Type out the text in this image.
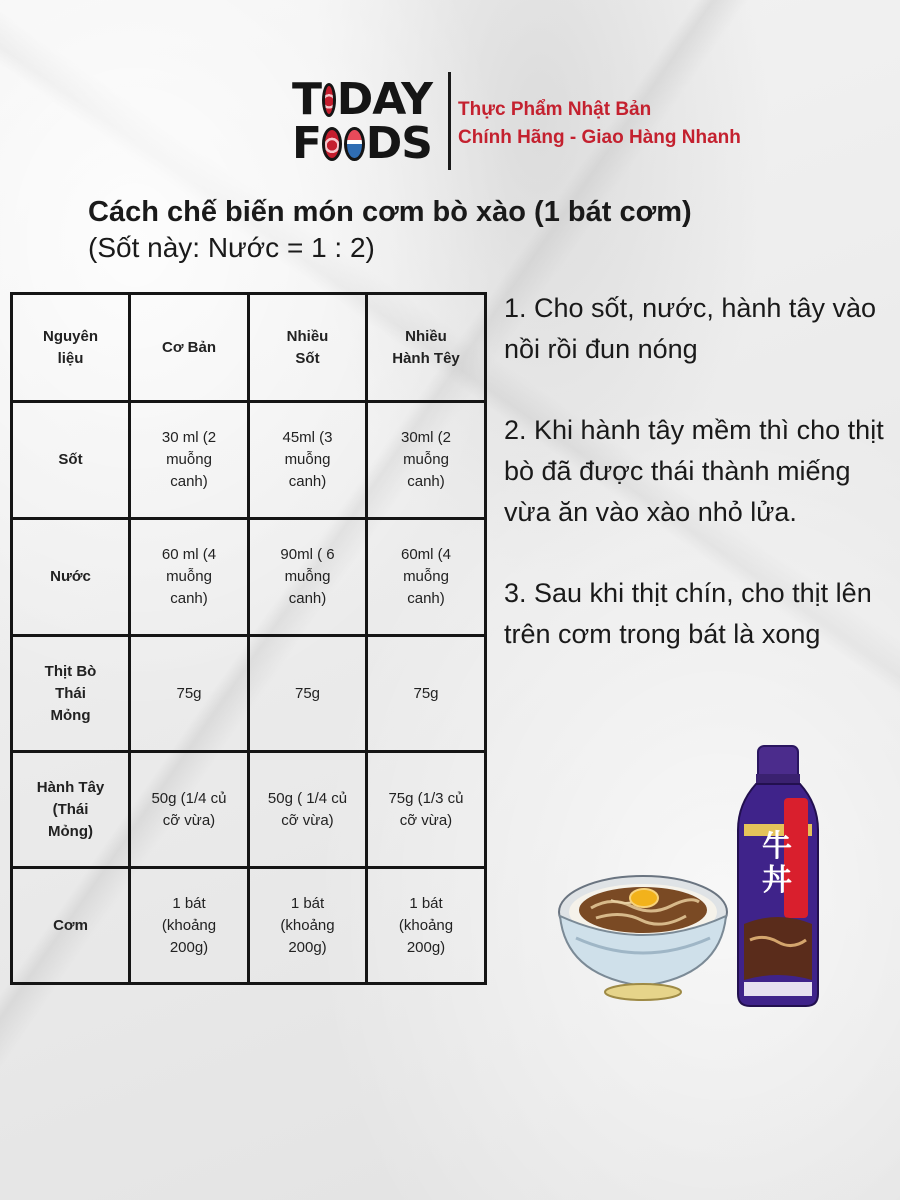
T DAY
F DS
Thực Phẩm Nhật Bản
Chính Hãng - Giao Hàng Nhanh
Cách chế biến món cơm bò xào (1 bát cơm)
(Sốt này: Nước = 1 : 2)
Nguyên liệu	Cơ Bản	Nhiều Sốt	Nhiều Hành Têy

Sốt	30 ml (2 muỗng canh)	45ml (3 muỗng canh)	30ml (2 muỗng canh)

Nước	60 ml (4 muỗng canh)	90ml ( 6 muỗng canh)	60ml (4 muỗng canh)

Thịt Bò Thái Mỏng	75g	75g	75g

Hành Tây (Thái Mỏng)	50g (1/4 củ cỡ vừa)	50g ( 1/4 củ cỡ vừa)	75g (1/3 củ cỡ vừa)

Cơm	1 bát (khoảng 200g)	1 bát (khoảng 200g)	1 bát (khoảng 200g)

1. Cho sốt, nước, hành tây vào nồi rồi đun nóng

2. Khi hành tây mềm thì cho thịt bò đã được thái thành miếng vừa ăn vào xào nhỏ lửa.

3. Sau khi thịt chín, cho thịt lên trên cơm trong bát là xong

牛丼
